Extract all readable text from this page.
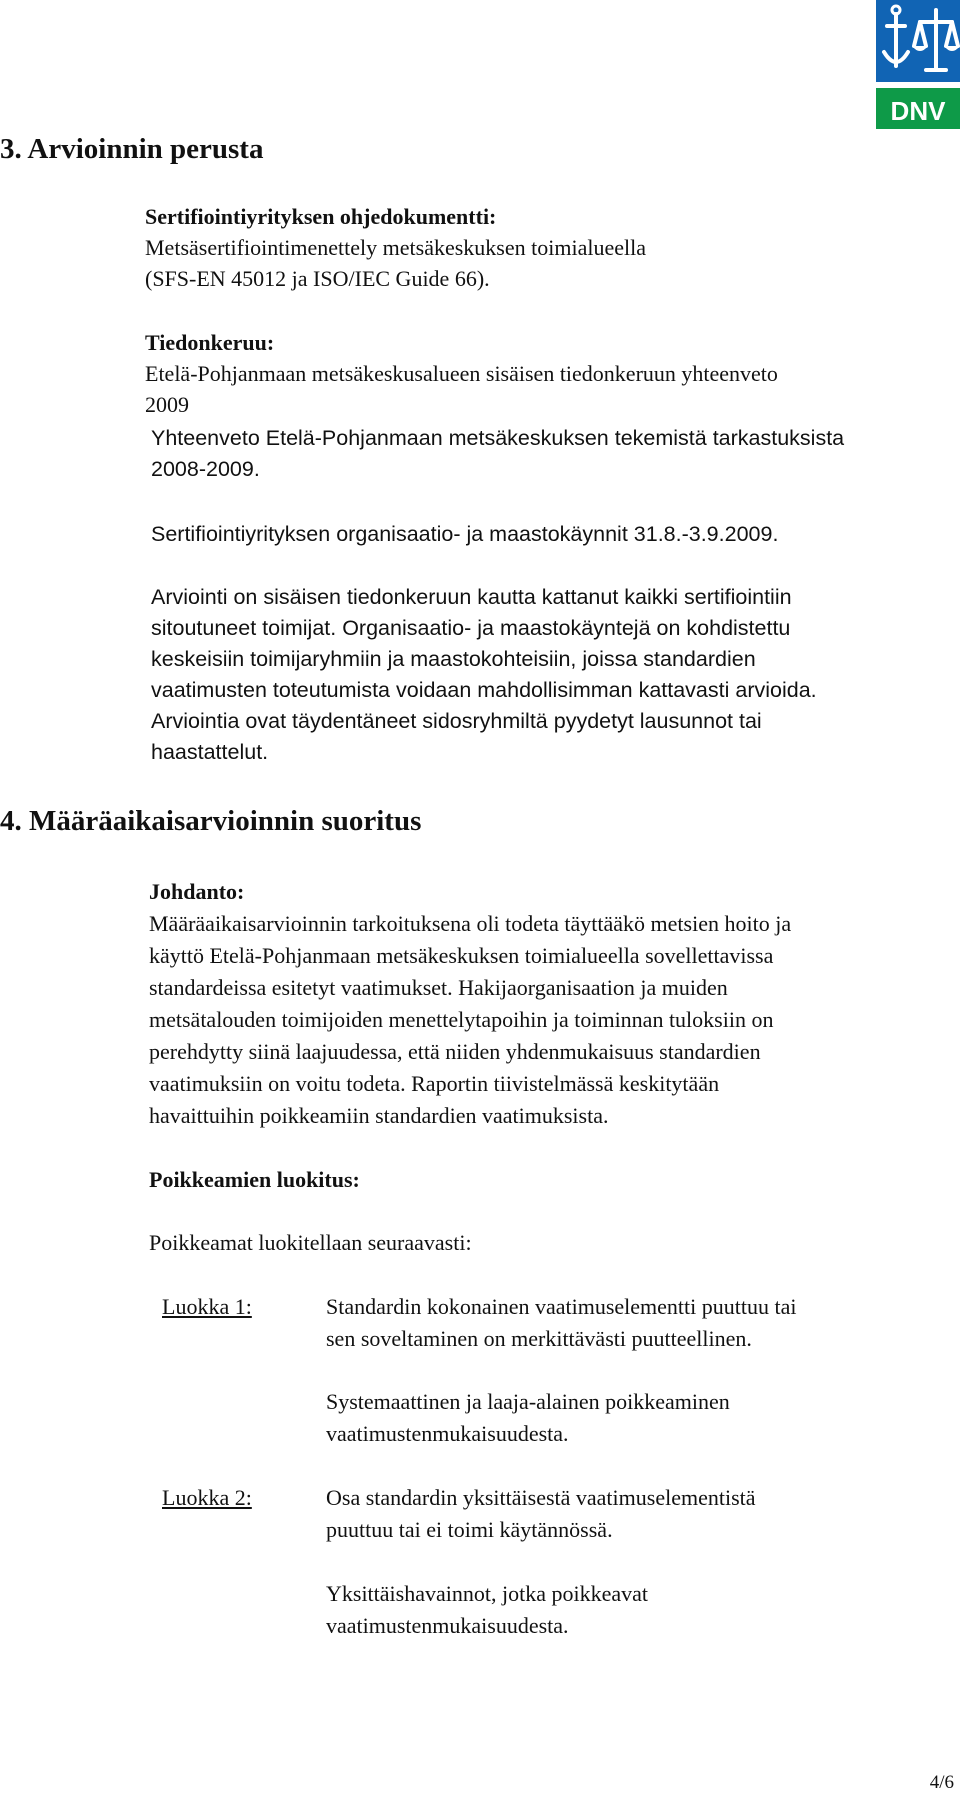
DNV
3. Arvioinnin perusta
Sertifiointiyrityksen ohjedokumentti:
Metsäsertifiointimenettely metsäkeskuksen toimialueella
(SFS-EN 45012 ja ISO/IEC Guide 66).
Tiedonkeruu:
Etelä-Pohjanmaan metsäkeskusalueen sisäisen tiedonkeruun yhteenveto
2009
Yhteenveto Etelä-Pohjanmaan metsäkeskuksen tekemistä tarkastuksista
2008-2009.
Sertifiointiyrityksen organisaatio- ja maastokäynnit 31.8.-3.9.2009.
Arviointi on sisäisen tiedonkeruun kautta kattanut kaikki sertifiointiin
sitoutuneet toimijat. Organisaatio- ja maastokäyntejä on kohdistettu
keskeisiin toimijaryhmiin ja maastokohteisiin, joissa standardien
vaatimusten toteutumista voidaan mahdollisimman kattavasti arvioida.
Arviointia ovat täydentäneet sidosryhmiltä pyydetyt lausunnot tai
haastattelut.
4. Määräaikaisarvioinnin suoritus
Johdanto:
Määräaikaisarvioinnin tarkoituksena oli todeta täyttääkö metsien hoito ja
käyttö Etelä-Pohjanmaan metsäkeskuksen toimialueella sovellettavissa
standardeissa esitetyt vaatimukset. Hakijaorganisaation ja muiden
metsätalouden toimijoiden menettelytapoihin ja toiminnan tuloksiin on
perehdytty siinä laajuudessa, että niiden yhdenmukaisuus standardien
vaatimuksiin on voitu todeta. Raportin tiivistelmässä keskitytään
havaittuihin poikkeamiin standardien vaatimuksista.
Poikkeamien luokitus:
Poikkeamat luokitellaan seuraavasti:
Luokka 1:	Standardin kokonainen vaatimuselementti puuttuu tai
sen soveltaminen on merkittävästi puutteellinen.
Systemaattinen ja laaja-alainen poikkeaminen
vaatimustenmukaisuudesta.
Luokka 2:	Osa standardin yksittäisestä vaatimuselementistä
puuttuu tai ei toimi käytännössä.
Yksittäishavainnot, jotka poikkeavat
vaatimustenmukaisuudesta.
4/6
